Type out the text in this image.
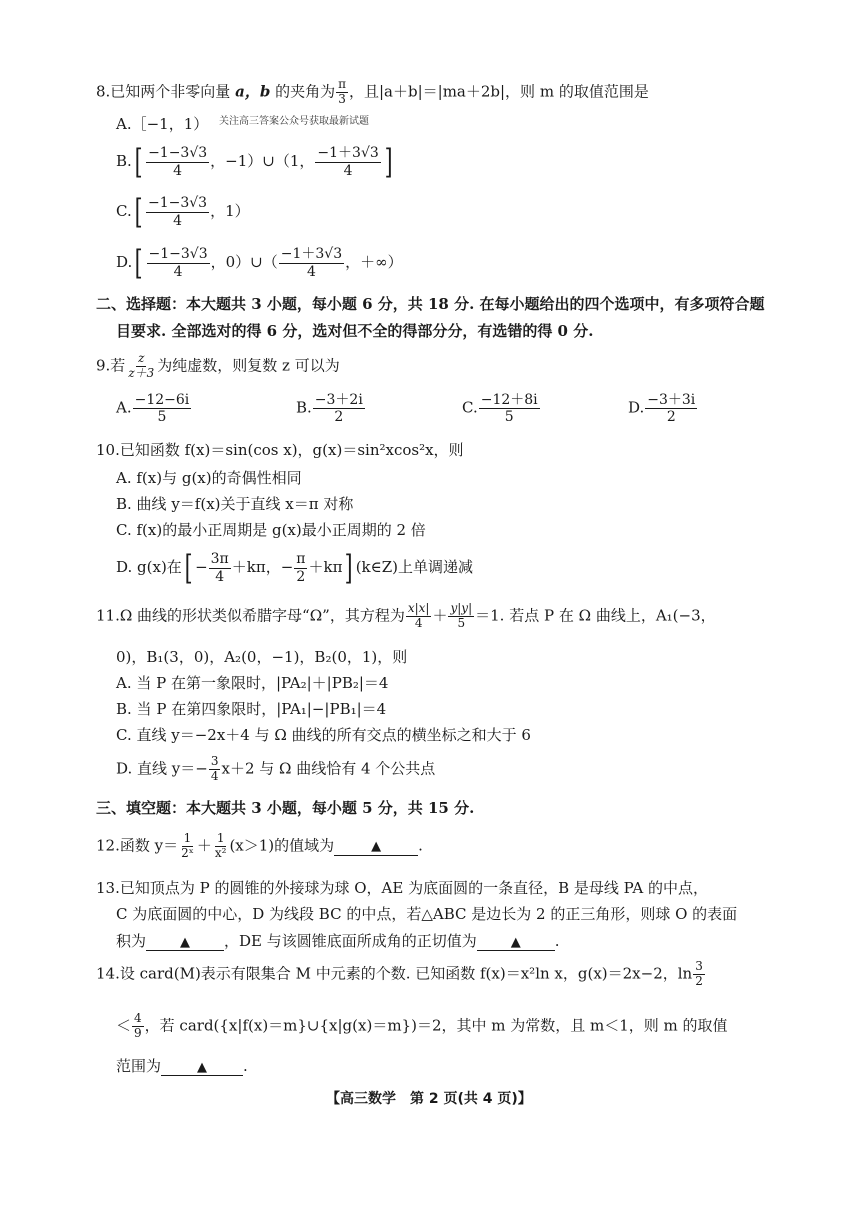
8.已知两个非零向量 a，b 的夹角为 $\frac{\pi}{3}$ ，且|a＋b|＝|ma＋2b|，则 m 的取值范围是
A.［−1，1） $^{关注高三答案公众号获取最新试题}$
$B.[ \frac{-1-3√3}{4}$ ，−1）∪（1， $\frac{-1+3√3}{4}$ ]
$C.[ \frac{-1-3√3}{4}$ ，1）
$D.[ \frac{-1-3√3}{4}$ ，0）∪（ $\frac{-1+3√3}{4}$ ，＋∞）
二、选择题：本大题共 3 小题，每小题 6 分，共 18 分. 在每小题给出的四个选项中，有多项符合题
目要求. 全部选对的得 6 分，选对但不全的得部分分，有选错的得 0 分.
9.若 $\frac{z}{z+3}$ 为纯虚数，则复数 z 可以为
A. $\frac{-12-6i}{5}$	B. $\frac{-3+2i}{2}$	C. $\frac{-12+8i}{5}$	D. $\frac{-3+3i}{2}$
10.已知函数 f(x)＝sin(cos x)，g(x)＝sin²xcos²x，则
A. f(x)与 g(x)的奇偶性相同
B. 曲线 y＝f(x)关于直线 x＝π 对称
C. f(x)的最小正周期是 g(x)最小正周期的 2 倍
D. g(x)在[ − $\frac{3\pi}{4} +k\pi$，− $\frac{\pi}{2} +k\pi$] (k∈Z)上单调递减
11.Ω 曲线的形状类似希腊字母“Ω”，其方程为 $\frac{x|x|}{4} + \frac{y|y|}{5} =1$. 若点 P 在 Ω 曲线上，A₁(−3，
0)，B₁(3，0)，A₂(0，−1)，B₂(0，1)，则
A. 当 P 在第一象限时，|PA₂|＋|PB₂|＝4
B. 当 P 在第四象限时，|PA₁|−|PB₁|＝4
C. 直线 y＝−2x＋4 与 Ω 曲线的所有交点的横坐标之和大于 6
D. 直线 $y=- \frac{3}{4} x+2$ 与 Ω 曲线恰有 4 个公共点
三、填空题：本大题共 3 小题，每小题 5 分，共 15 分.
12.函数 $y= \frac{1}{\text{2ˣ}} + \frac{1}{\text{x²}} (x>1)$的值域为	▲ .
13.已知顶点为 P 的圆锥的外接球为球 O，AE 为底面圆的一条直径，B 是母线 PA 的中点，
C 为底面圆的中心，D 为线段 BC 的中点，若△ABC 是边长为 2 的正三角形，则球 O 的表面
积为	▲ ，DE 与该圆锥底面所成角的正切值为	▲ .
14.设 card(M)表示有限集合 M 中元素的个数. 已知函数 f(x)＝x²ln x，g(x)＝2x−2，$\ln \frac{3}{2}$
＜ $\frac{4}{9}$ ，若 card({x|f(x)＝m}∪{x|g(x)＝m})＝2，其中 m 为常数，且 m＜1，则 m 的取值
范围为	▲ .
【高三数学　第 2 页(共 4 页)】
